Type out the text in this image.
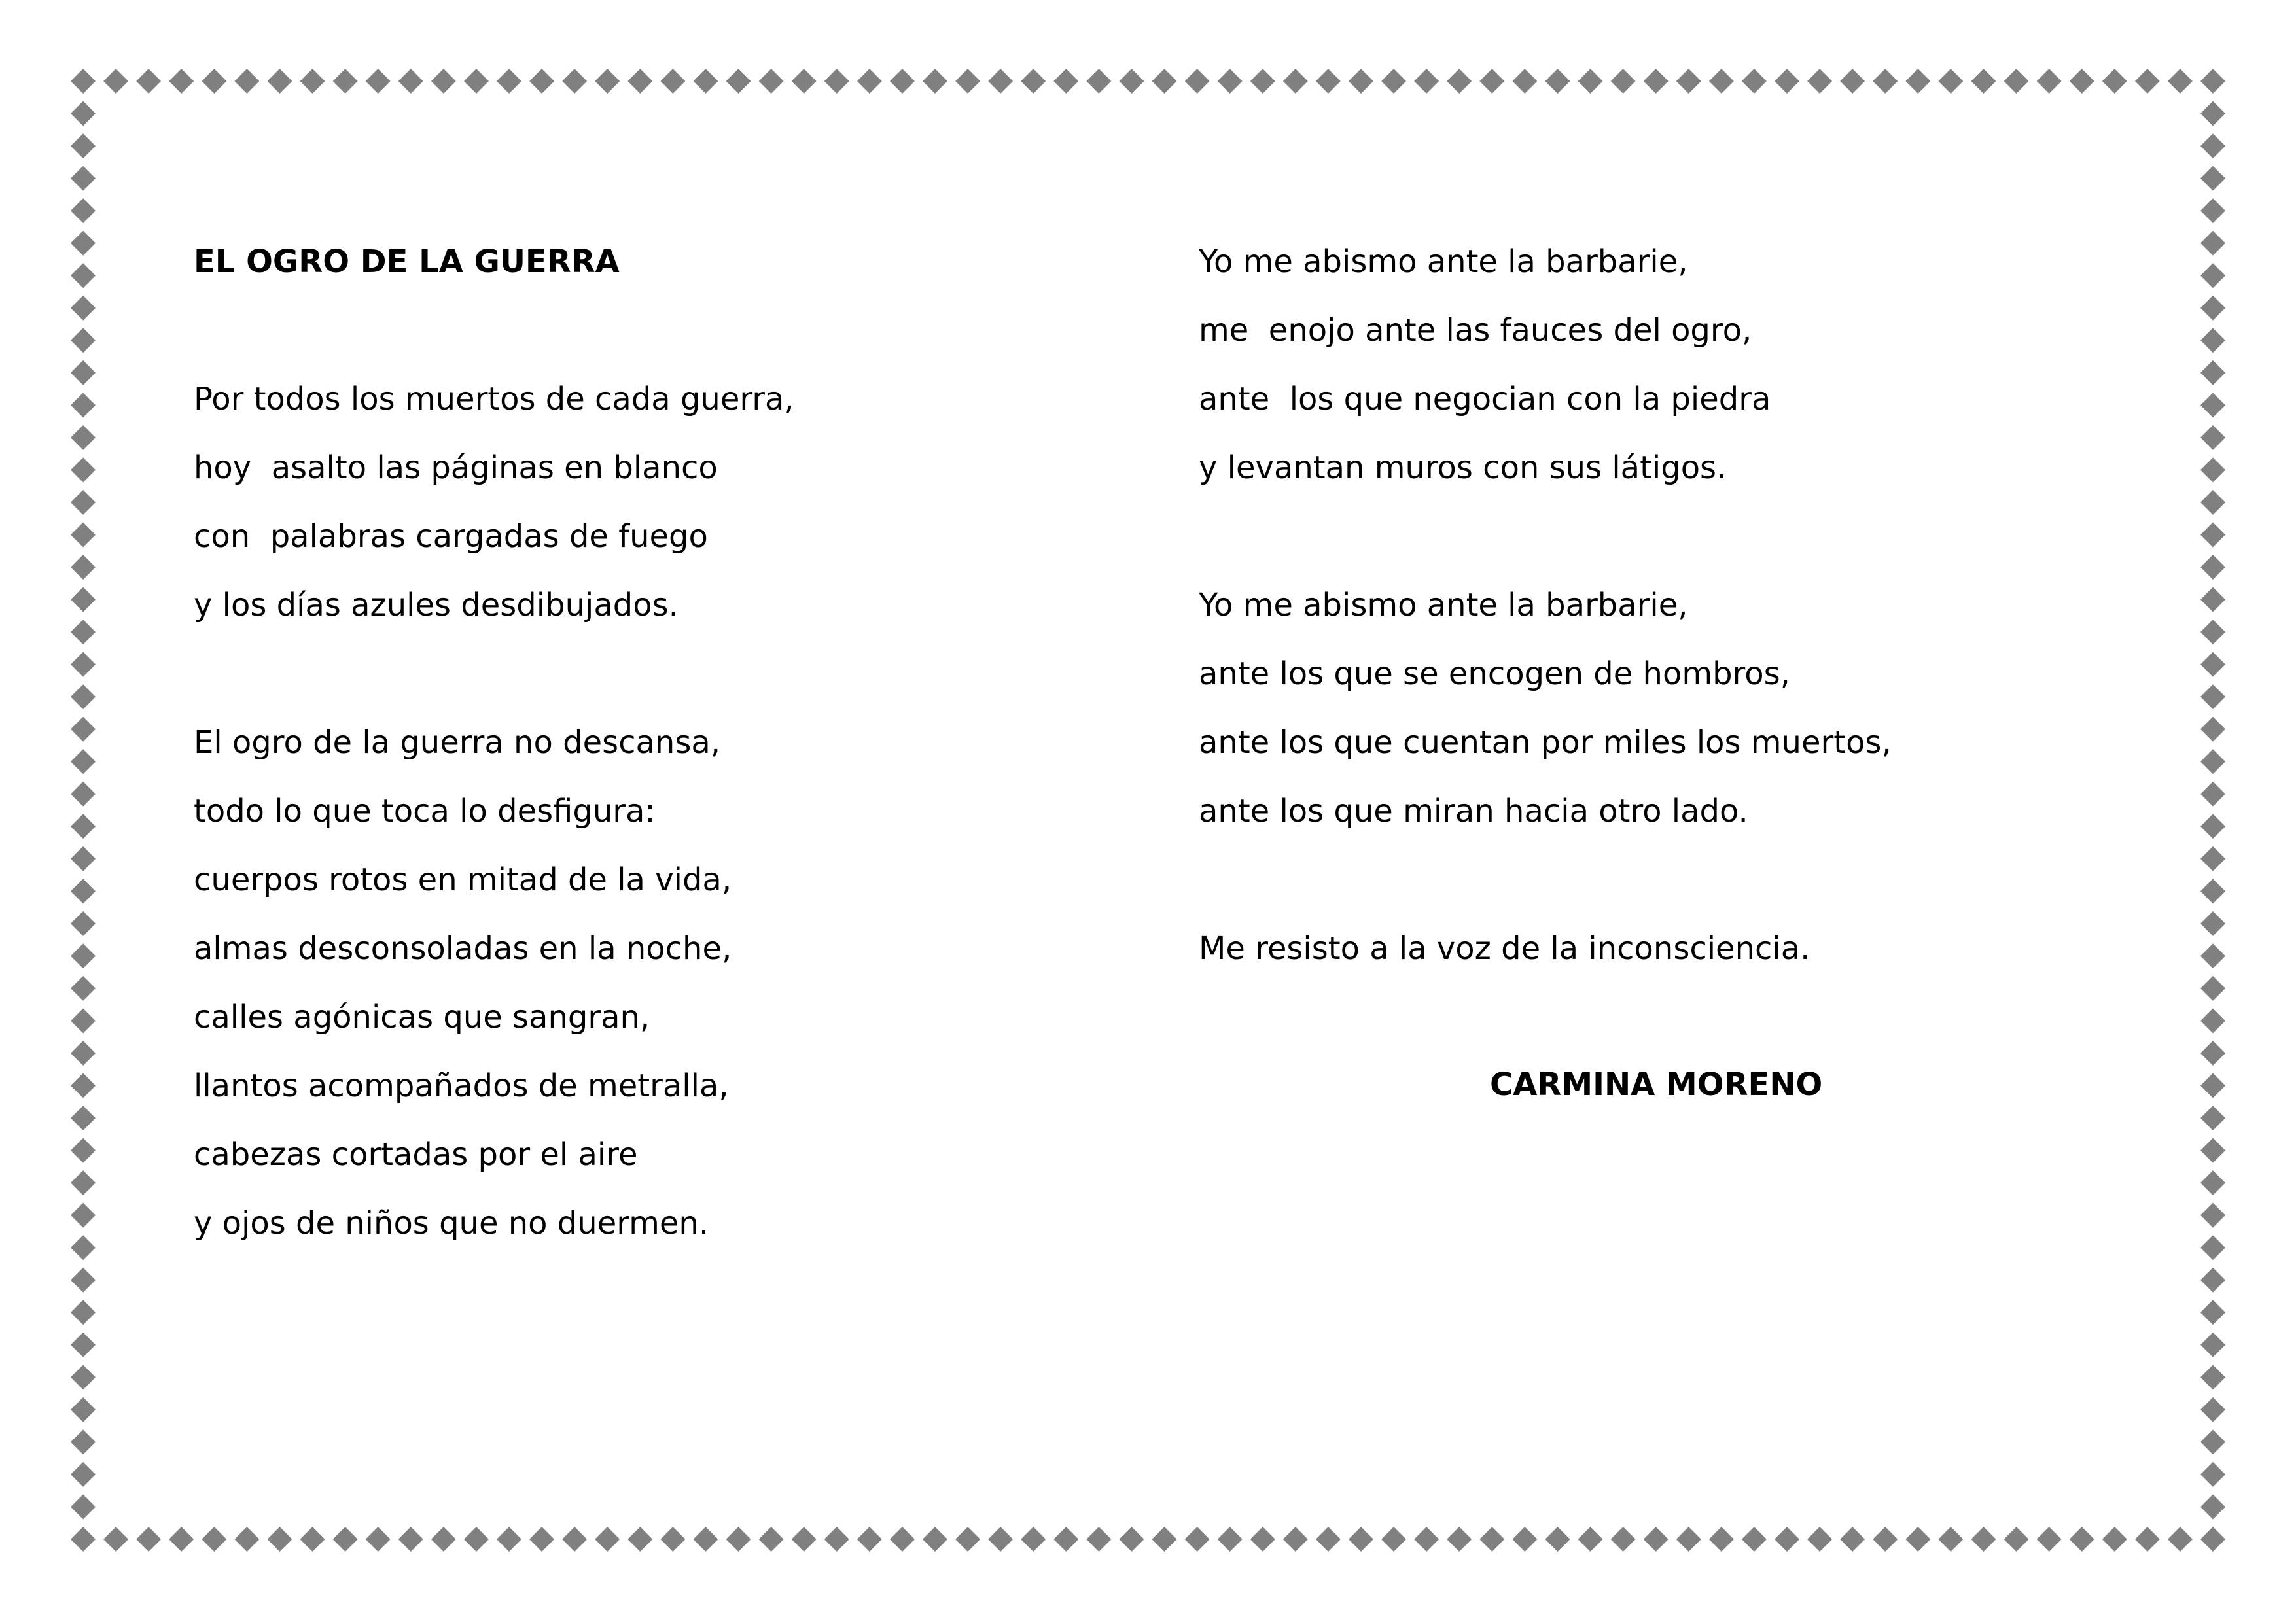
EL OGRO DE LA GUERRA
Por todos los muertos de cada guerra,
hoy  asalto las páginas en blanco
con  palabras cargadas de fuego
y los días azules desdibujados.
El ogro de la guerra no descansa,
todo lo que toca lo desfigura:
cuerpos rotos en mitad de la vida,
almas desconsoladas en la noche,
calles agónicas que sangran,
llantos acompañados de metralla,
cabezas cortadas por el aire
y ojos de niños que no duermen.
Yo me abismo ante la barbarie,
me  enojo ante las fauces del ogro,
ante  los que negocian con la piedra
y levantan muros con sus látigos.
Yo me abismo ante la barbarie,
ante los que se encogen de hombros,
ante los que cuentan por miles los muertos,
ante los que miran hacia otro lado.
Me resisto a la voz de la inconsciencia.
CARMINA MORENO
